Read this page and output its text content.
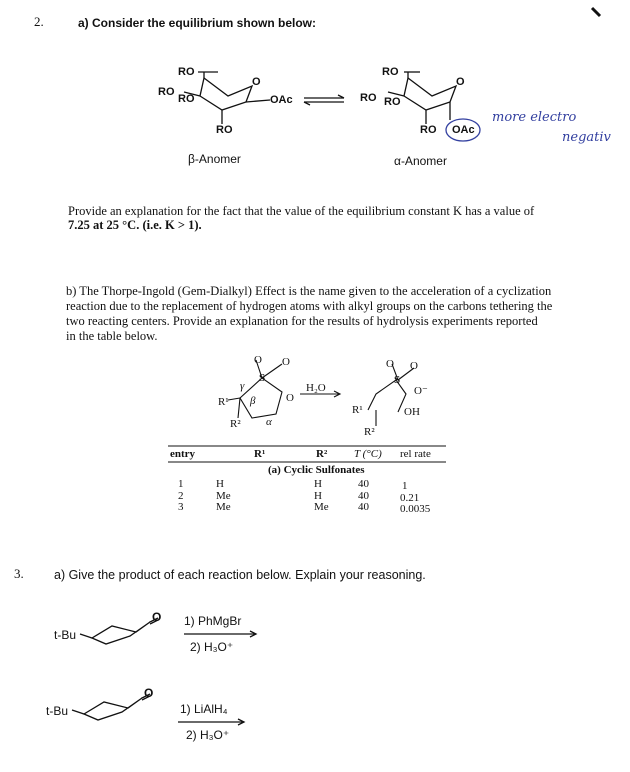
2.	a) Consider the equilibrium shown below:
RO
RO
RO
O
OAc
RO
β-Anomer
RO
RO RO
O
RO OAc
α-Anomer
more electro
negativ
Provide an explanation for the fact that the value of the equilibrium constant K has a value of
7.25 at 25 °C. (i.e. K > 1).
b) The Thorpe-Ingold (Gem-Dialkyl) Effect is the name given to the acceleration of a cyclization
reaction due to the replacement of hydrogen atoms with alkyl groups on the carbons tethering the
two reacting centers. Provide an explanation for the results of hydrolysis experiments reported
in the table below.
O O
S
γ
β
α
O
R¹
R²
H₂O
O O
S
O⁻
R¹
R²
OH
entry	R¹	R² T (°C) rel rate
(a) Cyclic Sulfonates
1	H	H	40	1
2	Me	H	40	0.21
3	Me	Me	40	0.0035
3. a) Give the product of each reaction below. Explain your reasoning.
t-Bu
O 1) PhMgBr
2) H₃O⁺
t-Bu
O
1) LiAlH₄
2) H₃O⁺
